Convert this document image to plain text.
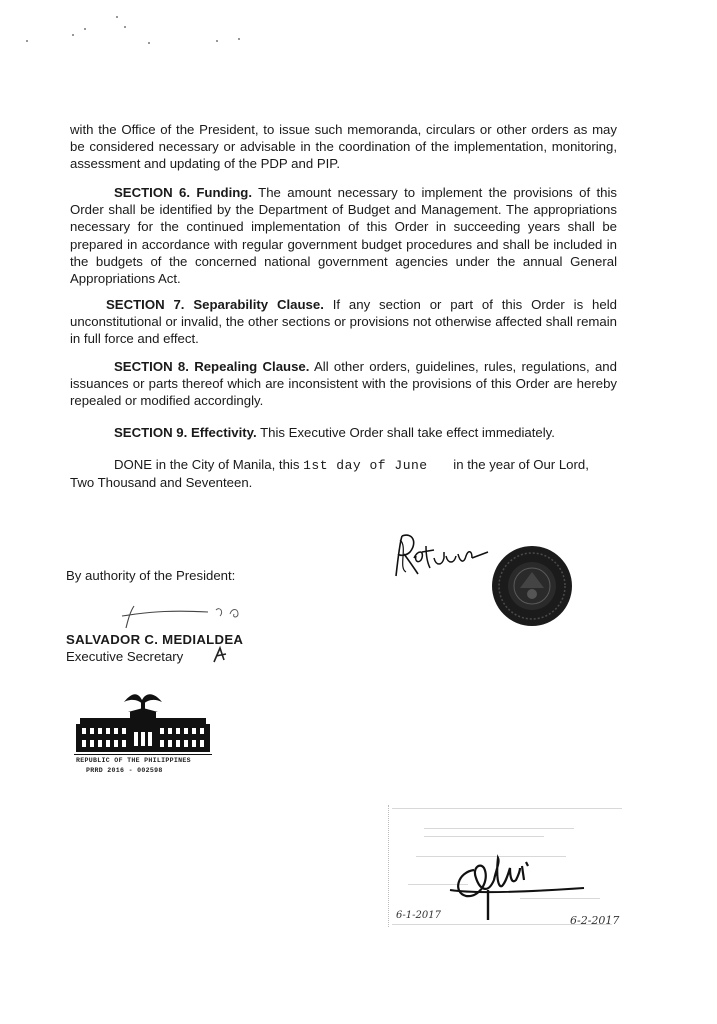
with the Office of the President, to issue such memoranda, circulars or other orders as may be considered necessary or advisable in the coordination of the implementation, monitoring, assessment and updating of the PDP and PIP.

SECTION 6. Funding. The amount necessary to implement the provisions of this Order shall be identified by the Department of Budget and Management. The appropriations necessary for the continued implementation of this Order in succeeding years shall be prepared in accordance with regular government budget procedures and shall be included in the budgets of the concerned national government agencies under the annual General Appropriations Act.

SECTION 7. Separability Clause. If any section or part of this Order is held unconstitutional or invalid, the other sections or provisions not otherwise affected shall remain in full force and effect.

SECTION 8. Repealing Clause. All other orders, guidelines, rules, regulations, and issuances or parts thereof which are inconsistent with the provisions of this Order are hereby repealed or modified accordingly.

SECTION 9. Effectivity. This Executive Order shall take effect immediately.

DONE in the City of Manila, this 1st day of June in the year of Our Lord,
Two Thousand and Seventeen.

By authority of the President:
SALVADOR C. MEDIALDEA
Executive Secretary
REPUBLIC OF THE PHILIPPINES
PRRD 2016 - 002598
6-1-2017	6-2-2017
